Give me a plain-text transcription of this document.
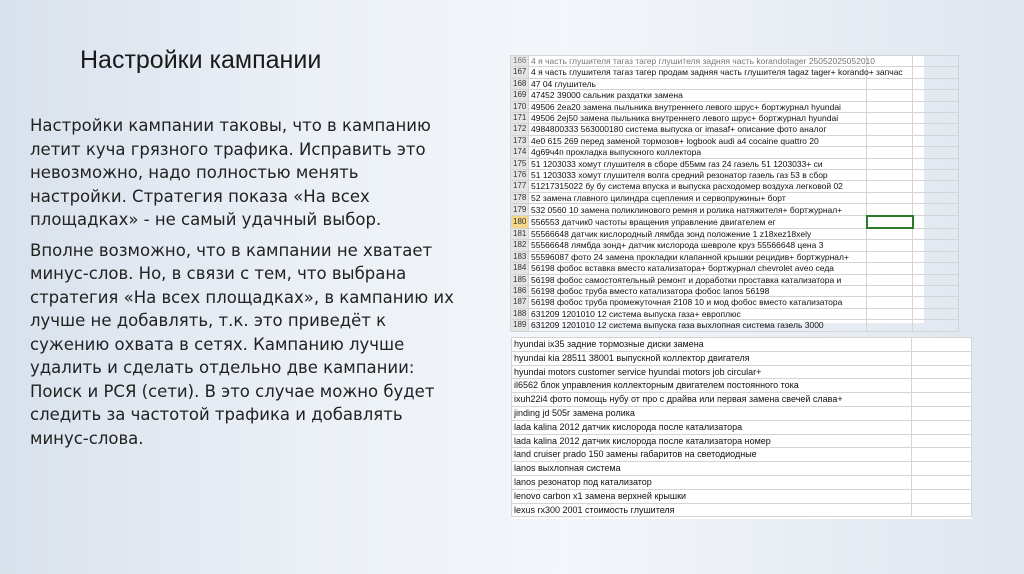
Настройки кампании

Настройки кампании таковы, что в кампанию летит куча грязного трафика. Исправить это невозможно, надо полностью менять настройки. Стратегия показа «На всех площадках» - не самый удачный выбор.

Вполне возможно, что в кампании не хватает минус-слов. Но, в связи с тем, что выбрана стратегия «На всех площадках», в кампанию их лучше не добавлять, т.к. это приведёт к сужению охвата в сетях. Кампанию лучше удалить и сделать отдельно две кампании: Поиск и РСЯ (сети). В это случае можно будет следить за частотой трафика и добавлять минус-слова.

166	4 я часть глушителя тагаз тагер глушителя задняя часть korandotager 25052025052010		
167	4 я часть глушителя тагаз тагер продам задняя часть глушителя tagaz tager+ korando+ запчас		
168	47 04 глушитель		
169	47452 39000 сальник раздатки замена		
170	49506 2еа20 замена пыльника внутреннего левого шрус+ бортжурнал hyundai		
171	49506 2еj50 замена пыльника внутреннего левого шрус+ бортжурнал hyundai		
172	4984800333 563000180 система выпуска ог imasaf+ описание фото аналог		
173	4е0 615 269 перед заменой тормозов+ logbook audi а4 cocaine quattro 20		
174	4g69ч4п прокладка выпускного коллектора		
175	51 1203033 хомут глушителя в сборе d55мм газ 24 газель 51 1203033+ си		
176	51 1203033 хомут глушителя волга средний резонатор газель газ 53 в сбор		
177	51217315022 бу бу система впуска и выпуска расходомер воздуха легковой 02		
178	52 замена главного цилиндра сцепления и сервопружины+ борт		
179	532 0560 10 замена поликлинового ремня и ролика натяжителя+ бортжурнал+		
180	556553 датчик0 частоты вращения управление двигателем ег		
181	55566648 датчик кислородный лямбда зонд положение 1 z18xez18xely		
182	55566648 лямбда зонд+ датчик кислорода шевроле круз 55566648 цена 3		
183	55596087 фото 24 замена прокладки клапанной крышки рецидив+ бортжурнал+		
184	56198 фобос вставка вместо катализатора+ бортжурнал chevrolet aveo седа		
185	56198 фобос самостоятельный ремонт и доработки проставка катализатора и		
186	56198 фобос труба вместо катализатора фобос lanos 56198		
187	56198 фобос труба промежуточная 2108 10 и мод фобос вместо катализатора		
188	631209 1201010 12 система выпуска газа+ европлюс		
189	631209 1201010 12 система выпуска газа выхлопная система газель 3000		
hyundai ix35 задние тормозные диски замена	
hyundai kia 28511 38001 выпускной коллектор двигателя	
hyundai motors customer service hyundai motors job circular+	
il6562 блок управления коллекторным двигателем постоянного тока	
ixuh22i4 фото помощь нубу от про с драйва или первая замена свечей слава+	
jinding jd 505г замена ролика	
lada kalina 2012 датчик кислорода после катализатора	
lada kalina 2012 датчик кислорода после катализатора номер	
land cruiser prado 150 замены габаритов на светодиодные	
lanos выхлопная система	
lanos резонатор под катализатор	
lenovo carbon x1 замена верхней крышки	
lexus rx300 2001 стоимость глушителя	
